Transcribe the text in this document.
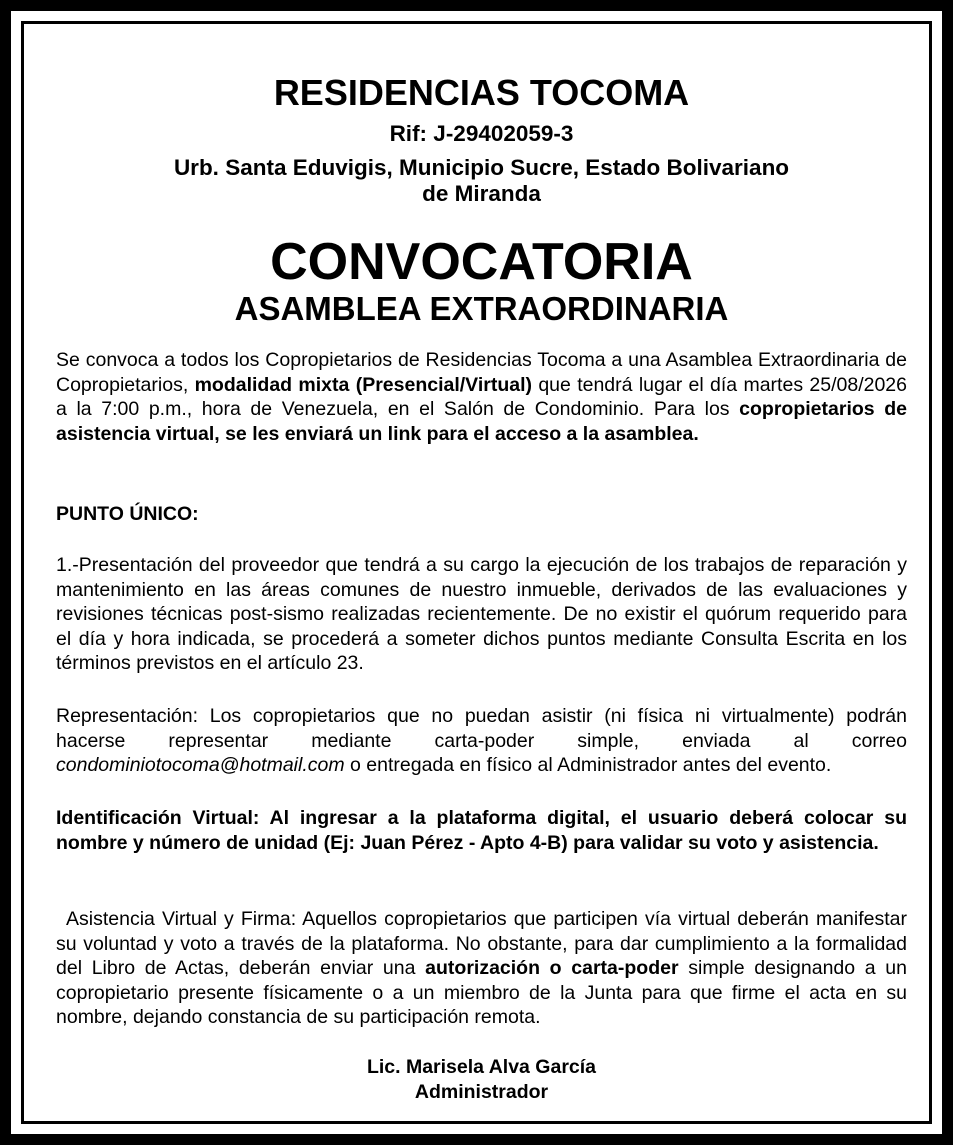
RESIDENCIAS TOCOMA
Rif: J-29402059-3
Urb. Santa Eduvigis, Municipio Sucre, Estado Bolivariano
de Miranda
CONVOCATORIA
ASAMBLEA EXTRAORDINARIA
Se convoca a todos los Copropietarios de Residencias Tocoma a una Asamblea Extraordinaria de Copropietarios, modalidad mixta (Presencial/Virtual) que tendrá lugar el día martes 25/08/2026 a la 7:00 p.m., hora de Venezuela, en el Salón de Condominio. Para los copropietarios de asistencia virtual, se les enviará un link para el acceso a la asamblea.
PUNTO ÚNICO:
1.-Presentación del proveedor que tendrá a su cargo la ejecución de los trabajos de reparación y mantenimiento en las áreas comunes de nuestro inmueble, derivados de las evaluaciones y revisiones técnicas post-sismo realizadas recientemente. De no existir el quórum requerido para el día y hora indicada, se procederá a someter dichos puntos mediante Consulta Escrita en los términos previstos en el artículo 23.
Representación: Los copropietarios que no puedan asistir (ni física ni virtualmente) podrán hacerse representar mediante carta-poder simple, enviada al correo condominiotocoma@hotmail.com o entregada en físico al Administrador antes del evento.
Identificación Virtual: Al ingresar a la plataforma digital, el usuario deberá colocar su nombre y número de unidad (Ej: Juan Pérez - Apto 4-B) para validar su voto y asistencia.
Asistencia Virtual y Firma: Aquellos copropietarios que participen vía virtual deberán manifestar su voluntad y voto a través de la plataforma. No obstante, para dar cumplimiento a la formalidad del Libro de Actas, deberán enviar una autorización o carta-poder simple designando a un copropietario presente físicamente o a un miembro de la Junta para que firme el acta en su nombre, dejando constancia de su participación remota.
Lic. Marisela Alva García
Administrador
